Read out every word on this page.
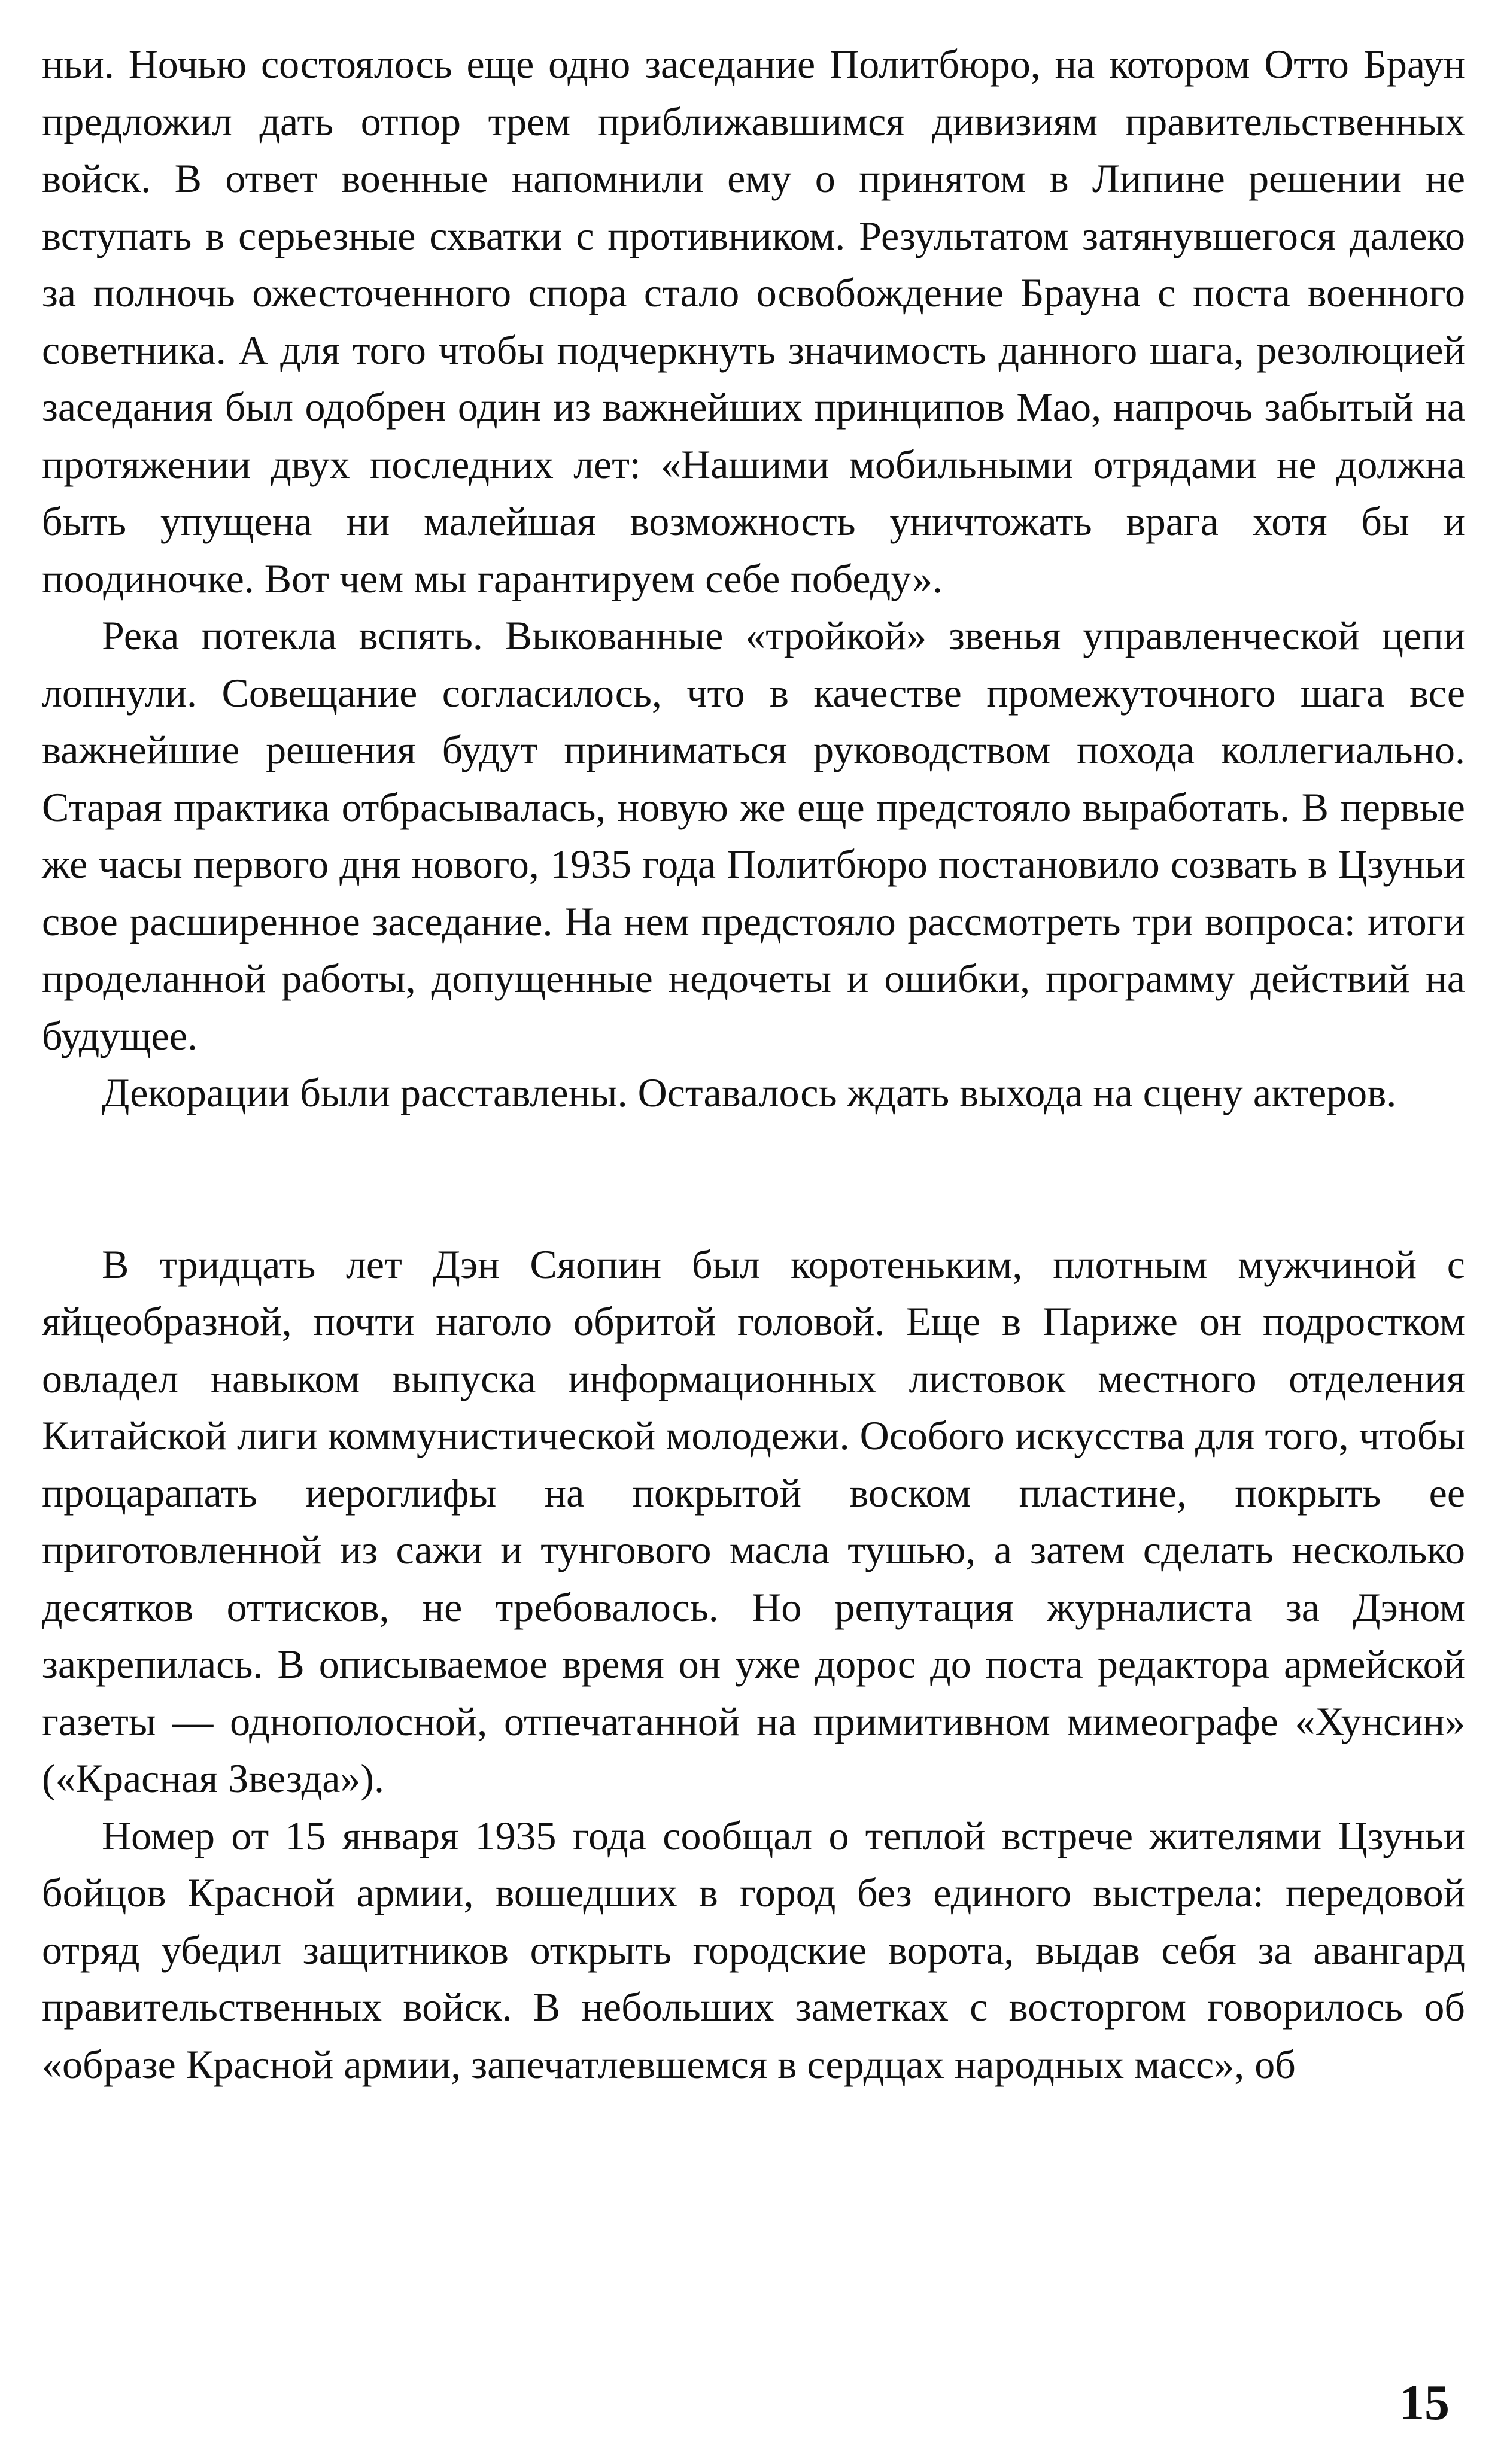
ньи. Ночью состоялось еще одно заседание Политбюро, на котором Отто Браун предложил дать отпор трем приближавшимся дивизиям правительственных войск. В ответ военные напомнили ему о принятом в Липине решении не вступать в серьезные схватки с противником. Результатом затянувшегося далеко за полночь ожесточенного спора стало освобождение Брауна с поста военного советника. А для того чтобы подчеркнуть значимость данного шага, резолюцией заседания был одобрен один из важнейших принципов Мао, напрочь забытый на протяжении двух последних лет: «Нашими мобильными отрядами не должна быть упущена ни малейшая возможность уничтожать врага хотя бы и поодиночке. Вот чем мы гарантируем себе победу».

Река потекла вспять. Выкованные «тройкой» звенья управленческой цепи лопнули. Совещание согласилось, что в качестве промежуточного шага все важнейшие решения будут приниматься руководством похода коллегиально. Старая практика отбрасывалась, новую же еще предстояло выработать. В первые же часы первого дня нового, 1935 года Политбюро постановило созвать в Цзуньи свое расширенное заседание. На нем предстояло рассмотреть три вопроса: итоги проделанной работы, допущенные недочеты и ошибки, программу действий на будущее.

Декорации были расставлены. Оставалось ждать выхода на сцену актеров.

В тридцать лет Дэн Сяопин был коротеньким, плотным мужчиной с яйцеобразной, почти наголо обритой головой. Еще в Париже он подростком овладел навыком выпуска информационных листовок местного отделения Китайской лиги коммунистической молодежи. Особого искусства для того, чтобы процарапать иероглифы на покрытой воском пластине, покрыть ее приготовленной из сажи и тунгового масла тушью, а затем сделать несколько десятков оттисков, не требовалось. Но репутация журналиста за Дэном закрепилась. В описываемое время он уже дорос до поста редактора армейской газеты — однополосной, отпечатанной на примитивном мимеографе «Хунсин» («Красная Звезда»).

Номер от 15 января 1935 года сообщал о теплой встрече жителями Цзуньи бойцов Красной армии, вошедших в город без единого выстрела: передовой отряд убедил защитников открыть городские ворота, выдав себя за авангард правительственных войск. В небольших заметках с восторгом говорилось об «образе Красной армии, запечатлевшемся в сердцах народных масс», об

15
